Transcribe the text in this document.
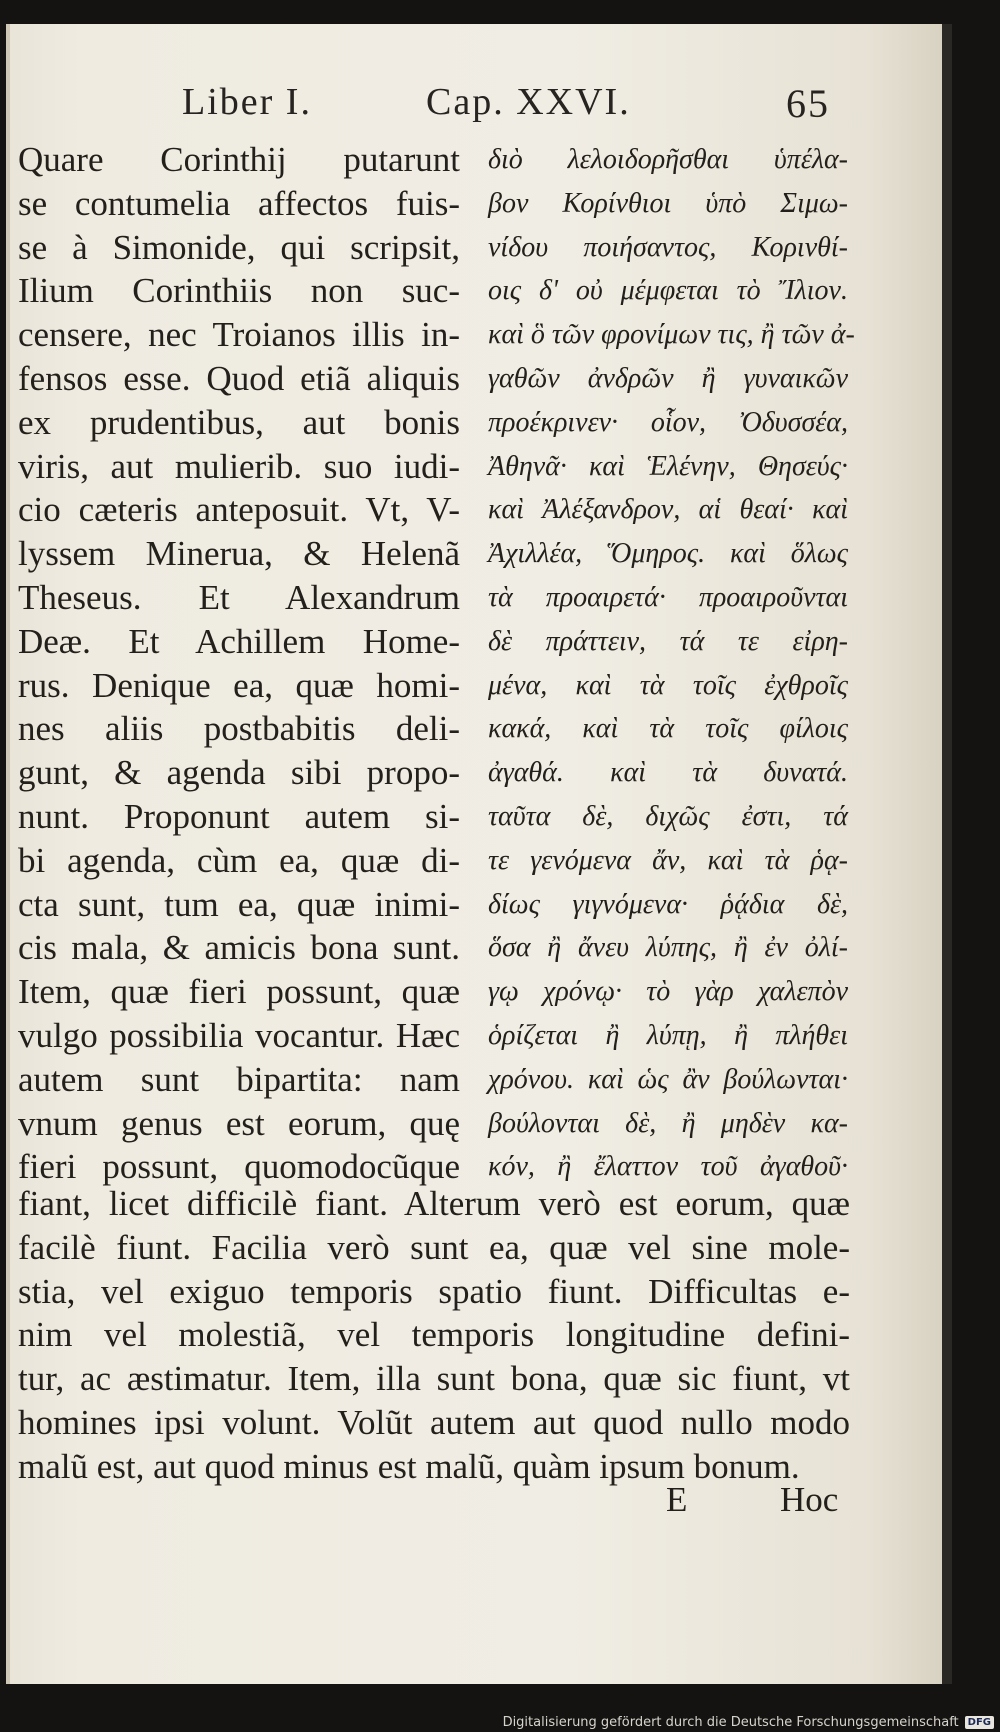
Liber I.	Cap. XXVI.	65
Quare Corinthij putarunt
se contumelia affectos fuis-
se à Simonide, qui scripsit,
Ilium Corinthiis non suc-
censere, nec Troianos illis in-
fensos esse. Quod etiã aliquis
ex prudentibus, aut bonis
viris, aut mulierib. suo iudi-
cio cæteris anteposuit. Vt, V-
lyssem Minerua, & Helenã
Theseus. Et Alexandrum
Deæ. Et Achillem Home-
rus. Denique ea, quæ homi-
nes aliis postbabitis deli-
gunt, & agenda sibi propo-
nunt. Proponunt autem si-
bi agenda, cùm ea, quæ di-
cta sunt, tum ea, quæ inimi-
cis mala, & amicis bona sunt.
Item, quæ fieri possunt, quæ
vulgo possibilia vocantur. Hæc
autem sunt bipartita: nam
vnum genus est eorum, quę
fieri possunt, quomodocũque
διὸ λελοιδορῆσθαι ὑπέλα-
βον Κορίνθιοι ὑπὸ Σιμω-
νίδου ποιήσαντος, Κορινθί-
οις δ' οὐ μέμφεται τὸ Ἴλιον.
καὶ ὃ τῶν φρονίμων τις, ἢ τῶν ἀ-
γαθῶν ἀνδρῶν ἢ γυναικῶν
προέκρινεν· οἷον, Ὀδυσσέα,
Ἀθηνᾶ· καὶ Ἑλένην, Θησεύς·
καὶ Ἀλέξανδρον, αἱ θεαί· καὶ
Ἀχιλλέα, Ὅμηρος. καὶ ὅλως
τὰ προαιρετά· προαιροῦνται
δὲ πράττειν, τά τε εἰρη-
μένα, καὶ τὰ τοῖς ἐχθροῖς
κακά, καὶ τὰ τοῖς φίλοις
ἀγαθά. καὶ τὰ δυνατά.
ταῦτα δὲ, διχῶς ἐστι, τά
τε γενόμενα ἄν, καὶ τὰ ῥᾳ-
δίως γιγνόμενα· ῥᾴδια δὲ,
ὅσα ἢ ἄνευ λύπης, ἢ ἐν ὀλί-
γῳ χρόνῳ· τὸ γὰρ χαλεπὸν
ὁρίζεται ἢ λύπῃ, ἢ πλήθει
χρόνου. καὶ ὡς ἂν βούλωνται·
βούλονται δὲ, ἢ μηδὲν κα-
κόν, ἢ ἔλαττον τοῦ ἀγαθοῦ·
fiant, licet difficilè fiant. Alterum verò est eorum, quæ
facilè fiunt. Facilia verò sunt ea, quæ vel sine mole-
stia, vel exiguo temporis spatio fiunt. Difficultas e-
nim vel molestiã, vel temporis longitudine defini-
tur, ac æstimatur. Item, illa sunt bona, quæ sic fiunt, vt
homines ipsi volunt. Volũt autem aut quod nullo modo
malũ est, aut quod minus est malũ, quàm ipsum bonum.
E	Hoc
Digitalisierung gefördert durch die Deutsche Forschungsgemeinschaft DFG
